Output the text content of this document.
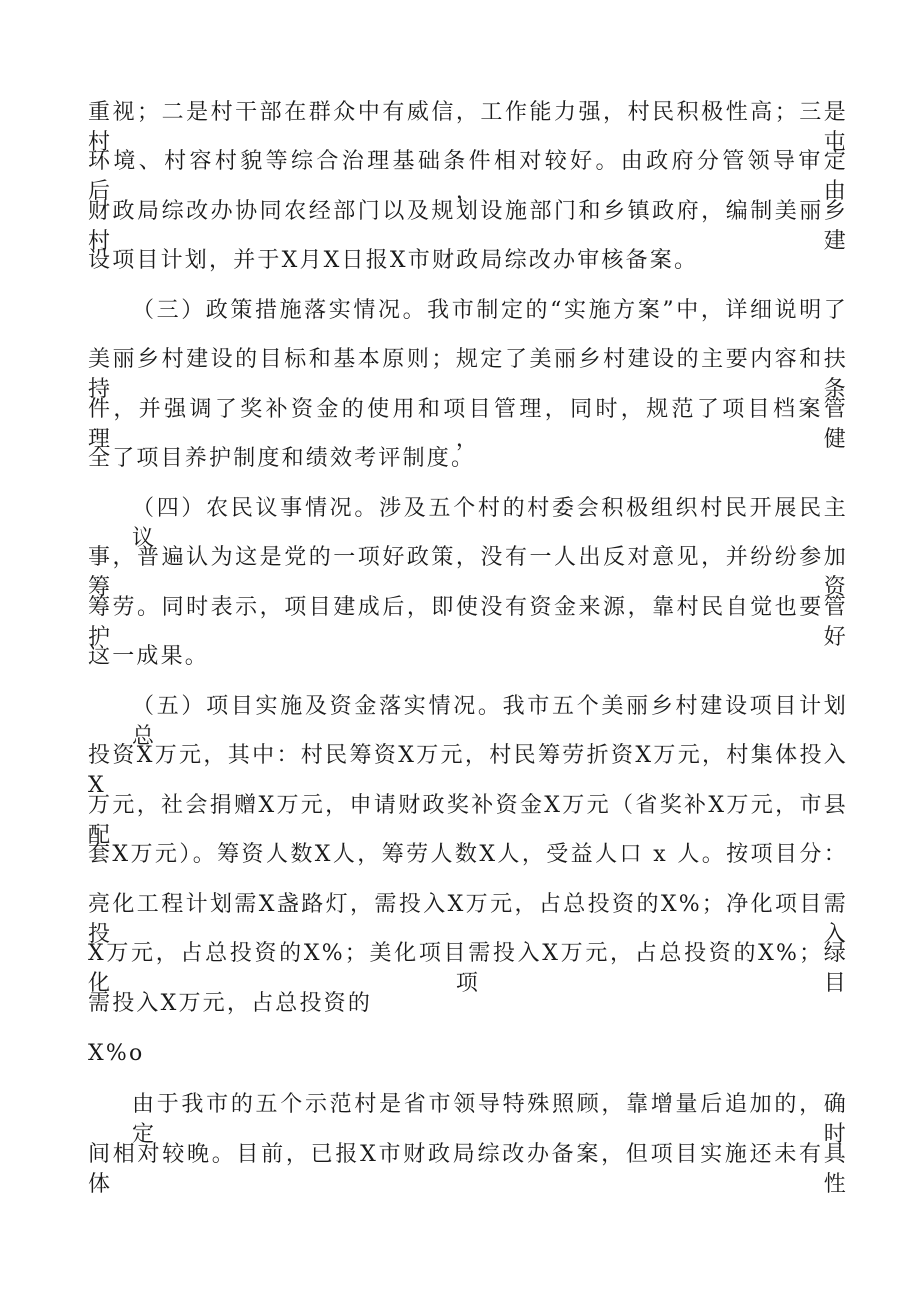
重视；二是村干部在群众中有威信，工作能力强，村民积极性高；三是村屯
环境、村容村貌等综合治理基础条件相对较好。由政府分管领导审定后，由
财政局综改办协同农经部门以及规划设施部门和乡镇政府，编制美丽乡村建
设项目计划，并于X月X日报X市财政局综改办审核备案。
（三）政策措施落实情况。我市制定的“实施方案”中，详细说明了
美丽乡村建设的目标和基本原则；规定了美丽乡村建设的主要内容和扶持条
件，并强调了奖补资金的使用和项目管理，同时，规范了项目档案管理，健
全了项目养护制度和绩效考评制度。
（四）农民议事情况。涉及五个村的村委会积极组织村民开展民主议
事，普遍认为这是党的一项好政策，没有一人出反对意见，并纷纷参加筹资
筹劳。同时表示，项目建成后，即使没有资金来源，靠村民自觉也要管护好
这一成果。
（五）项目实施及资金落实情况。我市五个美丽乡村建设项目计划总
投资X万元，其中：村民筹资X万元，村民筹劳折资X万元，村集体投入X
万元，社会捐赠X万元，申请财政奖补资金X万元（省奖补X万元，市县配
套X万元）。筹资人数X人，筹劳人数X人，受益人口 x 人。按项目分：
亮化工程计划需X盏路灯，需投入X万元，占总投资的X%；净化项目需投入
X万元，占总投资的X%；美化项目需投入X万元，占总投资的X%；绿化项目
需投入X万元，占总投资的
X%o
由于我市的五个示范村是省市领导特殊照顾，靠增量后追加的，确定时
间相对较晚。目前，已报X市财政局综改办备案，但项目实施还未有具体性
